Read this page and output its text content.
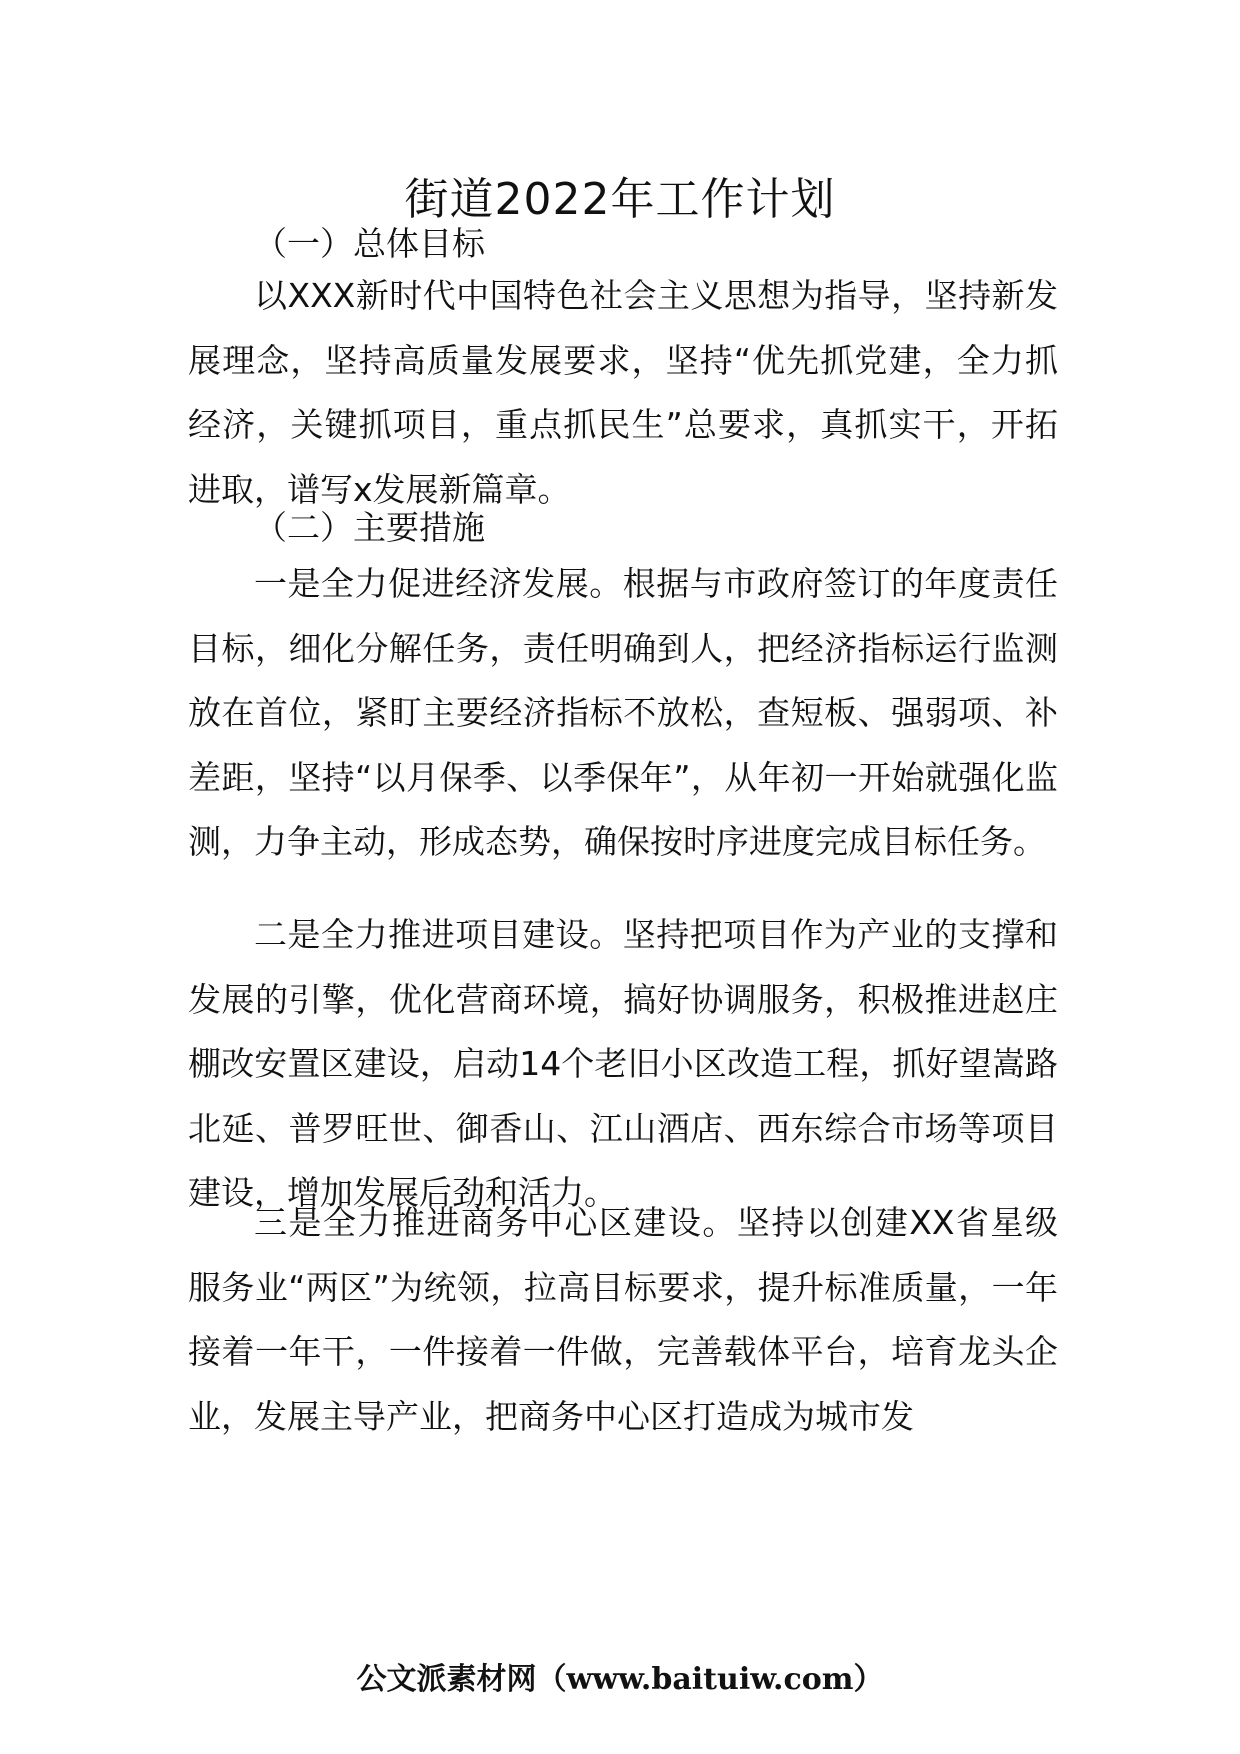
街道2022年工作计划

（一）总体目标

以XXX新时代中国特色社会主义思想为指导，坚持新发展理念，坚持高质量发展要求，坚持“优先抓党建，全力抓经济，关键抓项目，重点抓民生”总要求，真抓实干，开拓进取，谱写x发展新篇章。

（二）主要措施

一是全力促进经济发展。根据与市政府签订的年度责任目标，细化分解任务，责任明确到人，把经济指标运行监测放在首位，紧盯主要经济指标不放松，查短板、强弱项、补差距，坚持“以月保季、以季保年”，从年初一开始就强化监测，力争主动，形成态势，确保按时序进度完成目标任务。

二是全力推进项目建设。坚持把项目作为产业的支撑和发展的引擎，优化营商环境，搞好协调服务，积极推进赵庄棚改安置区建设，启动14个老旧小区改造工程，抓好望嵩路北延、普罗旺世、御香山、江山酒店、西东综合市场等项目建设，增加发展后劲和活力。

三是全力推进商务中心区建设。坚持以创建XX省星级服务业“两区”为统领，拉高目标要求，提升标准质量，一年接着一年干，一件接着一件做，完善载体平台，培育龙头企业，发展主导产业，把商务中心区打造成为城市发

公文派素材网（www.baituiw.com）
